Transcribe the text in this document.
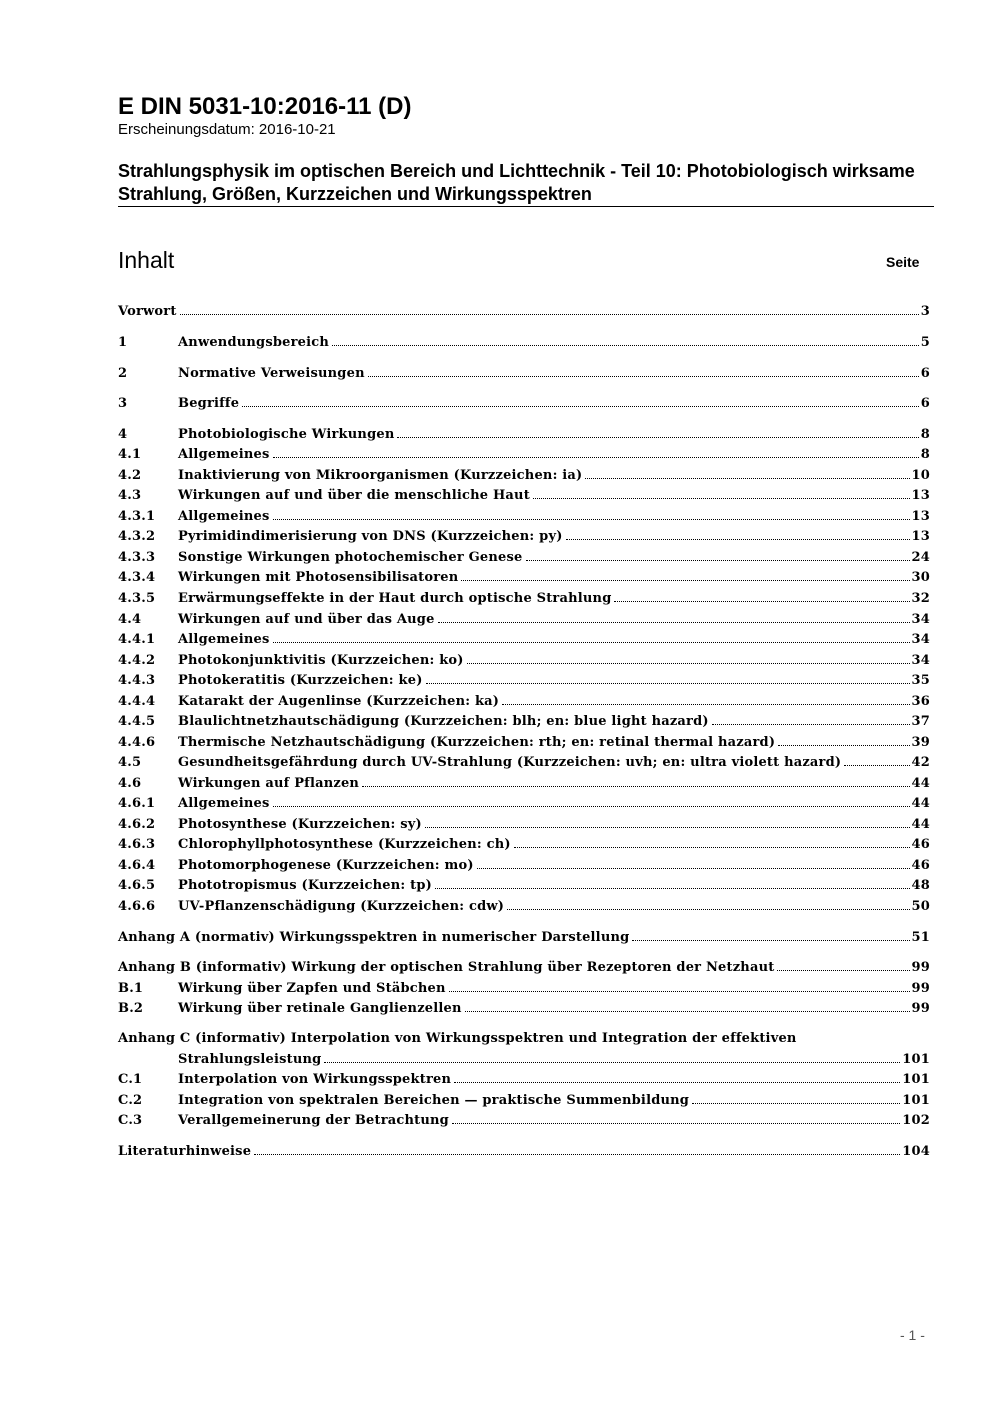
E DIN 5031-10:2016-11 (D)
Erscheinungsdatum: 2016-10-21
Strahlungsphysik im optischen Bereich und Lichttechnik - Teil 10: Photobiologisch wirksame Strahlung, Größen, Kurzzeichen und Wirkungsspektren
Inhalt	Seite
Vorwort	3
1	Anwendungsbereich	5
2	Normative Verweisungen	6
3	Begriffe	6
4	Photobiologische Wirkungen	8
4.1	Allgemeines	8
4.2	Inaktivierung von Mikroorganismen (Kurzzeichen: ia)	10
4.3	Wirkungen auf und über die menschliche Haut	13
4.3.1	Allgemeines	13
4.3.2	Pyrimidindimerisierung von DNS (Kurzzeichen: py)	13
4.3.3	Sonstige Wirkungen photochemischer Genese	24
4.3.4	Wirkungen mit Photosensibilisatoren	30
4.3.5	Erwärmungseffekte in der Haut durch optische Strahlung	32
4.4	Wirkungen auf und über das Auge	34
4.4.1	Allgemeines	34
4.4.2	Photokonjunktivitis (Kurzzeichen: ko)	34
4.4.3	Photokeratitis (Kurzzeichen: ke)	35
4.4.4	Katarakt der Augenlinse (Kurzzeichen: ka)	36
4.4.5	Blaulichtnetzhautschädigung (Kurzzeichen: blh; en: blue light hazard)	37
4.4.6	Thermische Netzhautschädigung (Kurzzeichen: rth; en: retinal thermal hazard)	39
4.5	Gesundheitsgefährdung durch UV-Strahlung (Kurzzeichen: uvh; en: ultra violett hazard)	42
4.6	Wirkungen auf Pflanzen	44
4.6.1	Allgemeines	44
4.6.2	Photosynthese (Kurzzeichen: sy)	44
4.6.3	Chlorophyllphotosynthese (Kurzzeichen: ch)	46
4.6.4	Photomorphogenese (Kurzzeichen: mo)	46
4.6.5	Phototropismus (Kurzzeichen: tp)	48
4.6.6	UV-Pflanzenschädigung (Kurzzeichen: cdw)	50
Anhang A (normativ) Wirkungsspektren in numerischer Darstellung	51
Anhang B (informativ) Wirkung der optischen Strahlung über Rezeptoren der Netzhaut	99
B.1	Wirkung über Zapfen und Stäbchen	99
B.2	Wirkung über retinale Ganglienzellen	99
Anhang C (informativ) Interpolation von Wirkungsspektren und Integration der effektiven
Strahlungsleistung	101
C.1	Interpolation von Wirkungsspektren	101
C.2	Integration von spektralen Bereichen — praktische Summenbildung	101
C.3	Verallgemeinerung der Betrachtung	102
Literaturhinweise	104
- 1 -
